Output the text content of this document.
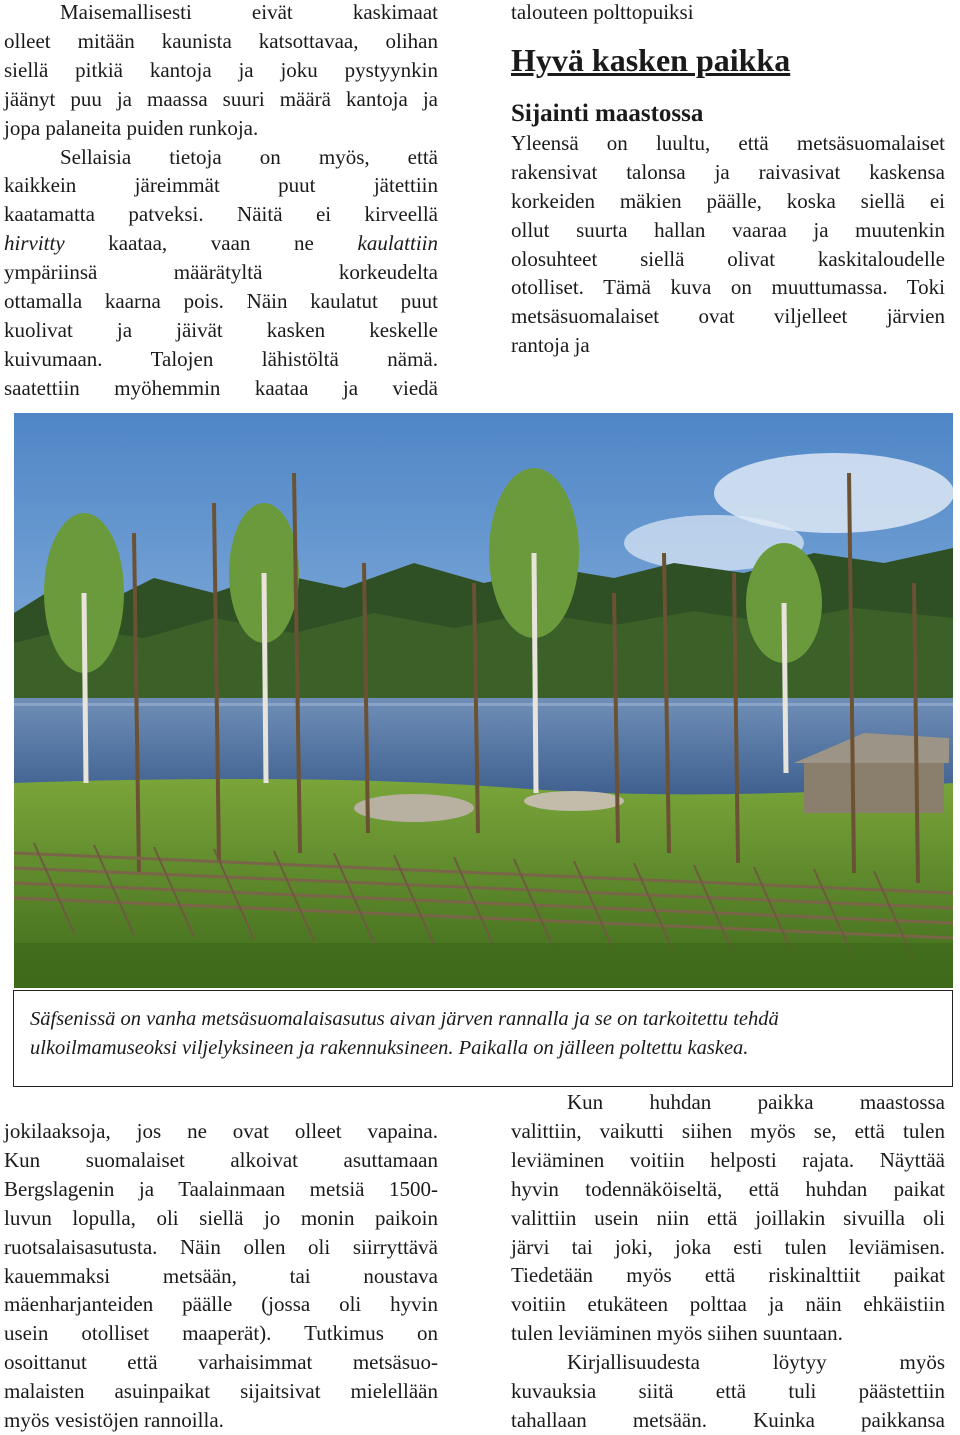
Maisemallisesti eivät kaskimaat
olleet mitään kaunista katsottavaa, olihan
siellä pitkiä kantoja ja joku pystyynkin
jäänyt puu ja maassa suuri määrä kantoja ja
jopa palaneita puiden runkoja.
Sellaisia tietoja on myös, että
kaikkein järeimmät puut jätettiin
kaatamatta patveksi. Näitä ei kirveellä
hirvitty kaataa, vaan ne kaulattiin
ympäriinsä määrätyltä korkeudelta
ottamalla kaarna pois. Näin kaulatut puut
kuolivat ja jäivät kasken keskelle
kuivumaan. Talojen lähistöltä nämä.
saatettiin myöhemmin kaataa ja viedä
talouteen polttopuiksi
Hyvä kasken paikka
Sijainti maastossa
Yleensä on luultu, että metsäsuomalaiset
rakensivat talonsa ja raivasivat kaskensa
korkeiden mäkien päälle, koska siellä ei
ollut suurta hallan vaaraa ja muutenkin
olosuhteet siellä olivat kaskitaloudelle
otolliset. Tämä kuva on muuttumassa. Toki
metsäsuomalaiset ovat viljelleet järvien
rantoja ja
Säfsenissä on vanha metsäsuomalaisasutus aivan järven rannalla ja se on tarkoitettu tehdä
ulkoilmamuseoksi viljelyksineen ja rakennuksineen. Paikalla on jälleen poltettu kaskea.
jokilaaksoja, jos ne ovat olleet vapaina.
Kun suomalaiset alkoivat asuttamaan
Bergslagenin ja Taalainmaan metsiä 1500-
luvun lopulla, oli siellä jo monin paikoin
ruotsalaisasutusta. Näin ollen oli siirryttävä
kauemmaksi metsään, tai noustava
mäenharjanteiden päälle (jossa oli hyvin
usein otolliset maaperät). Tutkimus on
osoittanut että varhaisimmat metsäsuo-
malaisten asuinpaikat sijaitsivat mielellään
myös vesistöjen rannoilla.
Kun huhdan paikka maastossa
valittiin, vaikutti siihen myös se, että tulen
leviäminen voitiin helposti rajata. Näyttää
hyvin todennäköiseltä, että huhdan paikat
valittiin usein niin että joillakin sivuilla oli
järvi tai joki, joka esti tulen leviämisen.
Tiedetään myös että riskinalttiit paikat
voitiin etukäteen polttaa ja näin ehkäistiin
tulen leviäminen myös siihen suuntaan.
Kirjallisuudesta löytyy myös
kuvauksia siitä että tuli päästettiin
tahallaan metsään. Kuinka paikkansa
